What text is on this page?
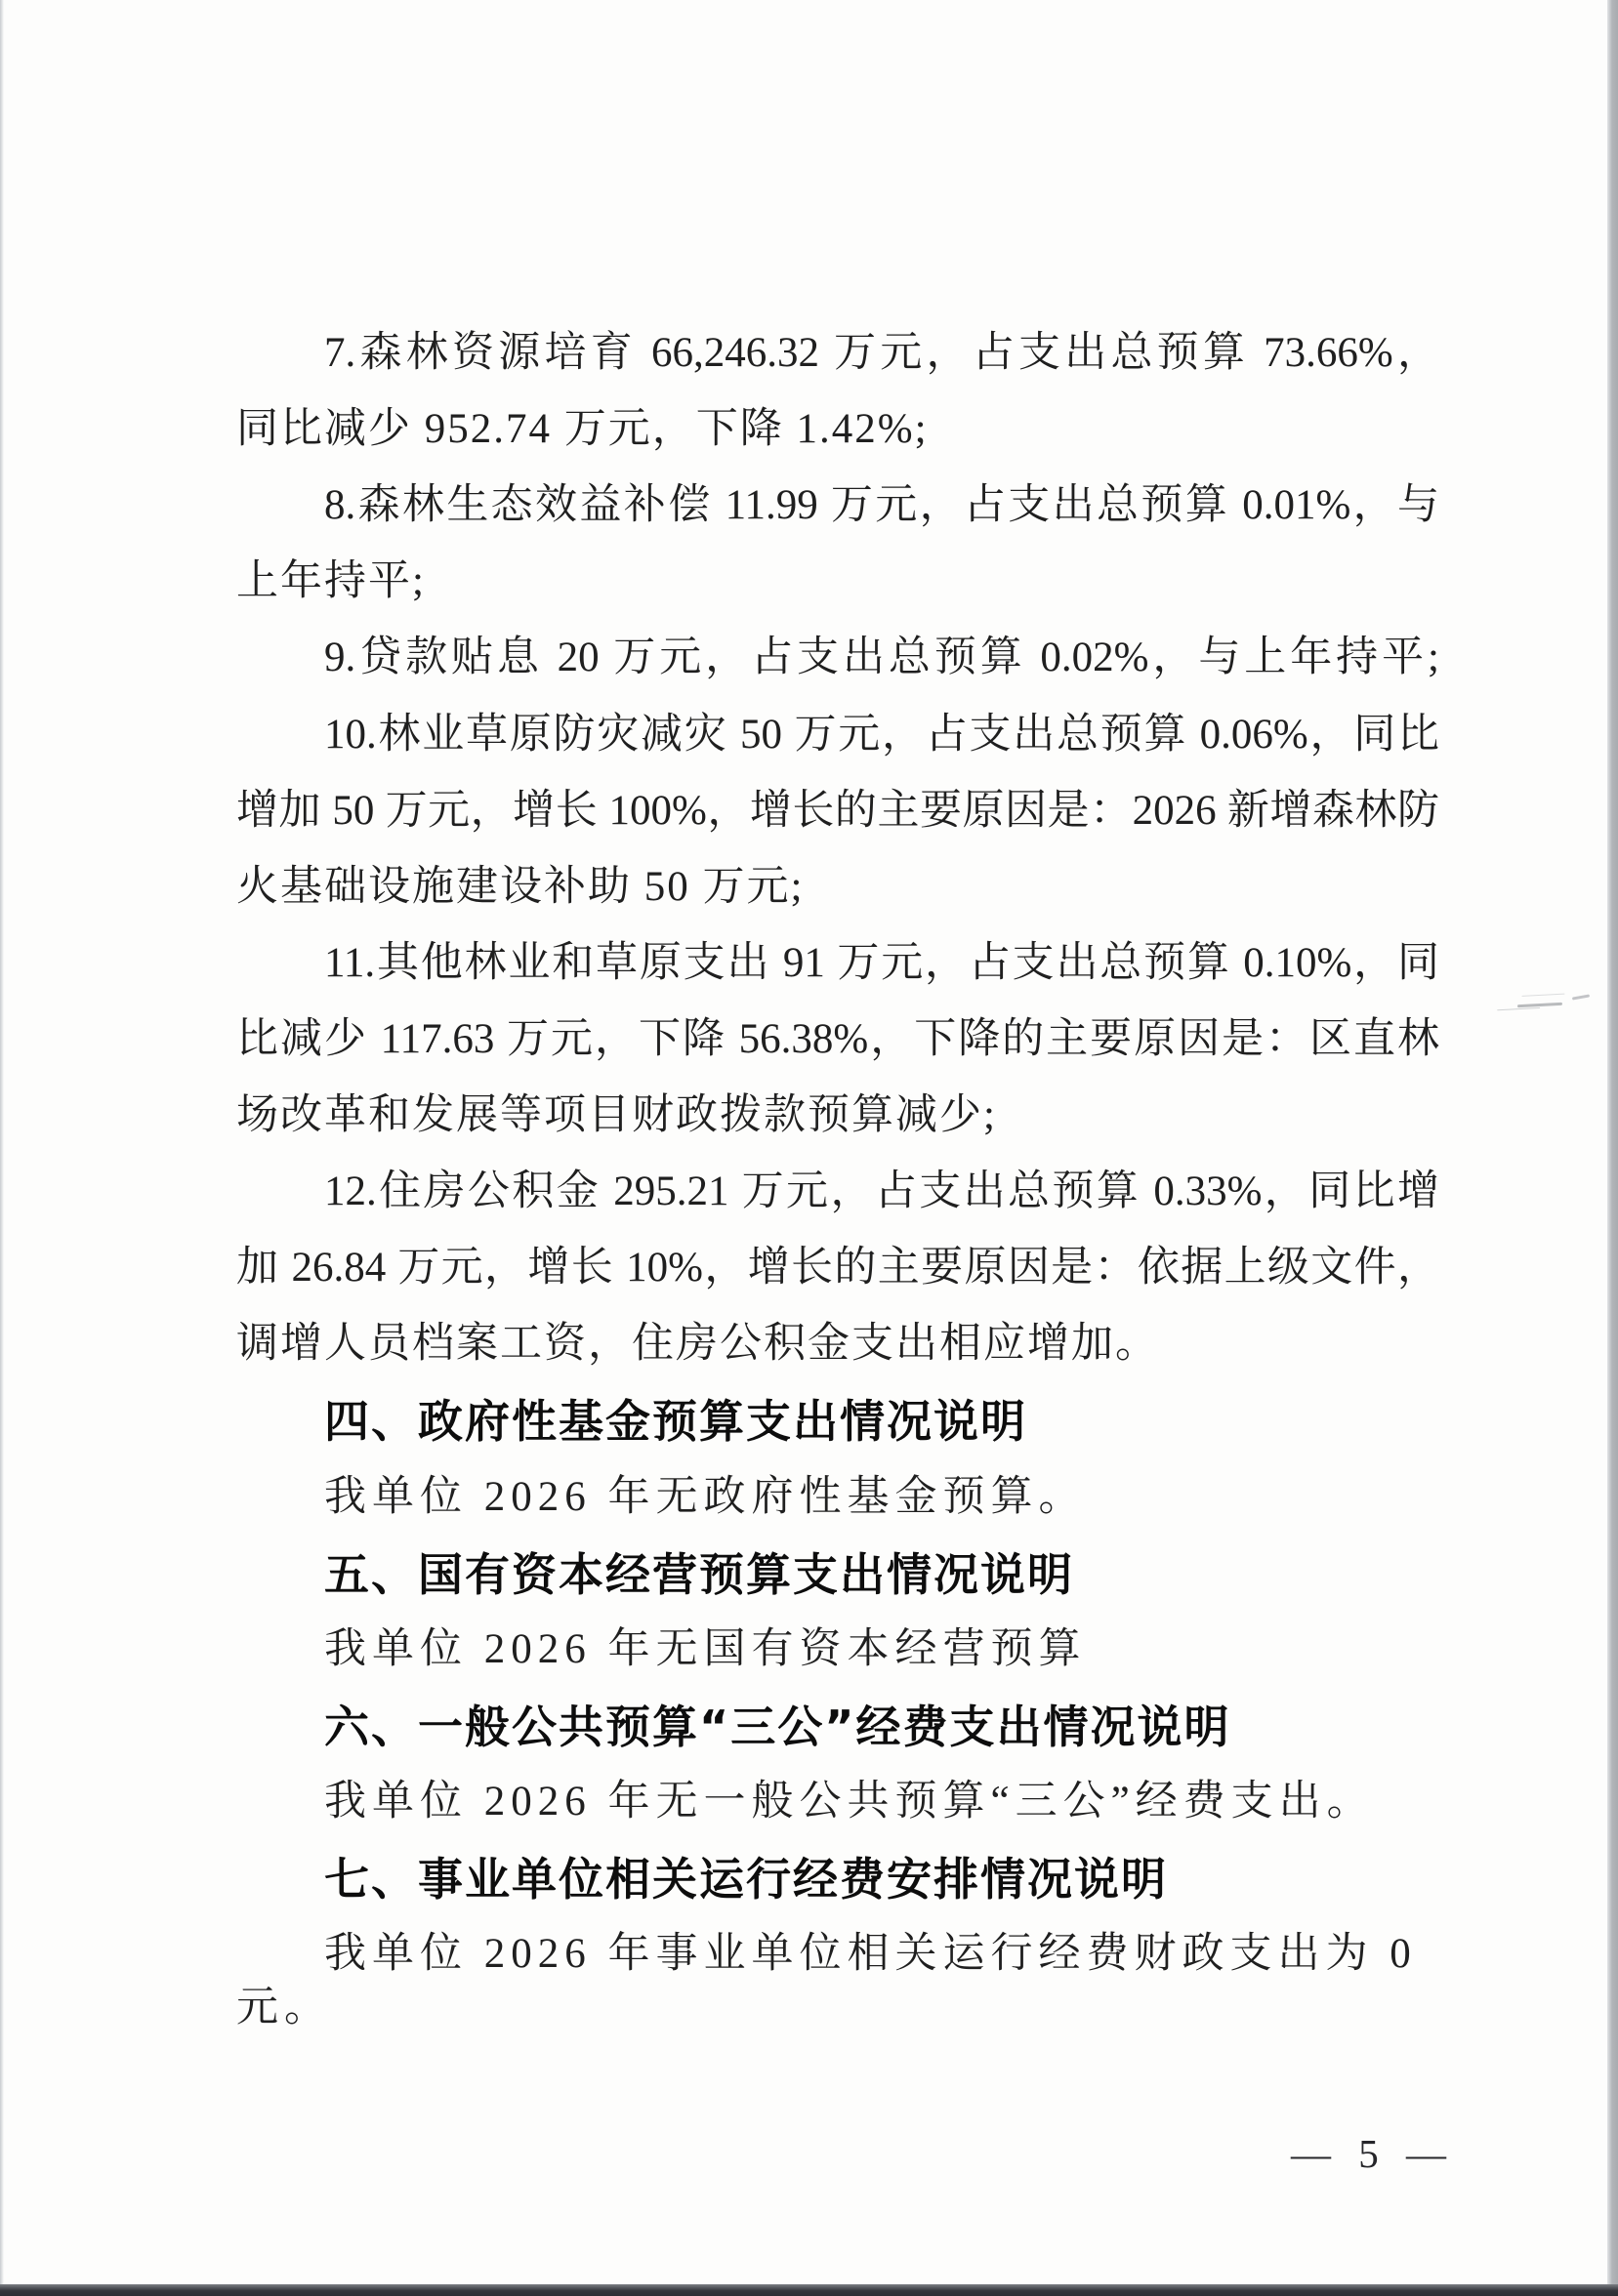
7.森林资源培育 66,246.32 万元，占支出总预算 73.66%，
同比减少 952.74 万元，下降 1.42%;
8.森林生态效益补偿 11.99 万元，占支出总预算 0.01%，与
上年持平;
9.贷款贴息 20 万元，占支出总预算 0.02%，与上年持平;
10.林业草原防灾减灾 50 万元，占支出总预算 0.06%，同比
增加 50 万元，增长 100%，增长的主要原因是：2026 新增森林防
火基础设施建设补助 50 万元;
11.其他林业和草原支出 91 万元，占支出总预算 0.10%，同
比减少 117.63 万元，下降 56.38%，下降的主要原因是：区直林
场改革和发展等项目财政拨款预算减少;
12.住房公积金 295.21 万元，占支出总预算 0.33%，同比增
加 26.84 万元，增长 10%，增长的主要原因是：依据上级文件，
调增人员档案工资，住房公积金支出相应增加。
四、政府性基金预算支出情况说明
我单位 2026 年无政府性基金预算。
五、国有资本经营预算支出情况说明
我单位 2026 年无国有资本经营预算
六、一般公共预算“三公”经费支出情况说明
我单位 2026 年无一般公共预算“三公”经费支出。
七、事业单位相关运行经费安排情况说明
我单位 2026 年事业单位相关运行经费财政支出为 0 元。
— 5 —
